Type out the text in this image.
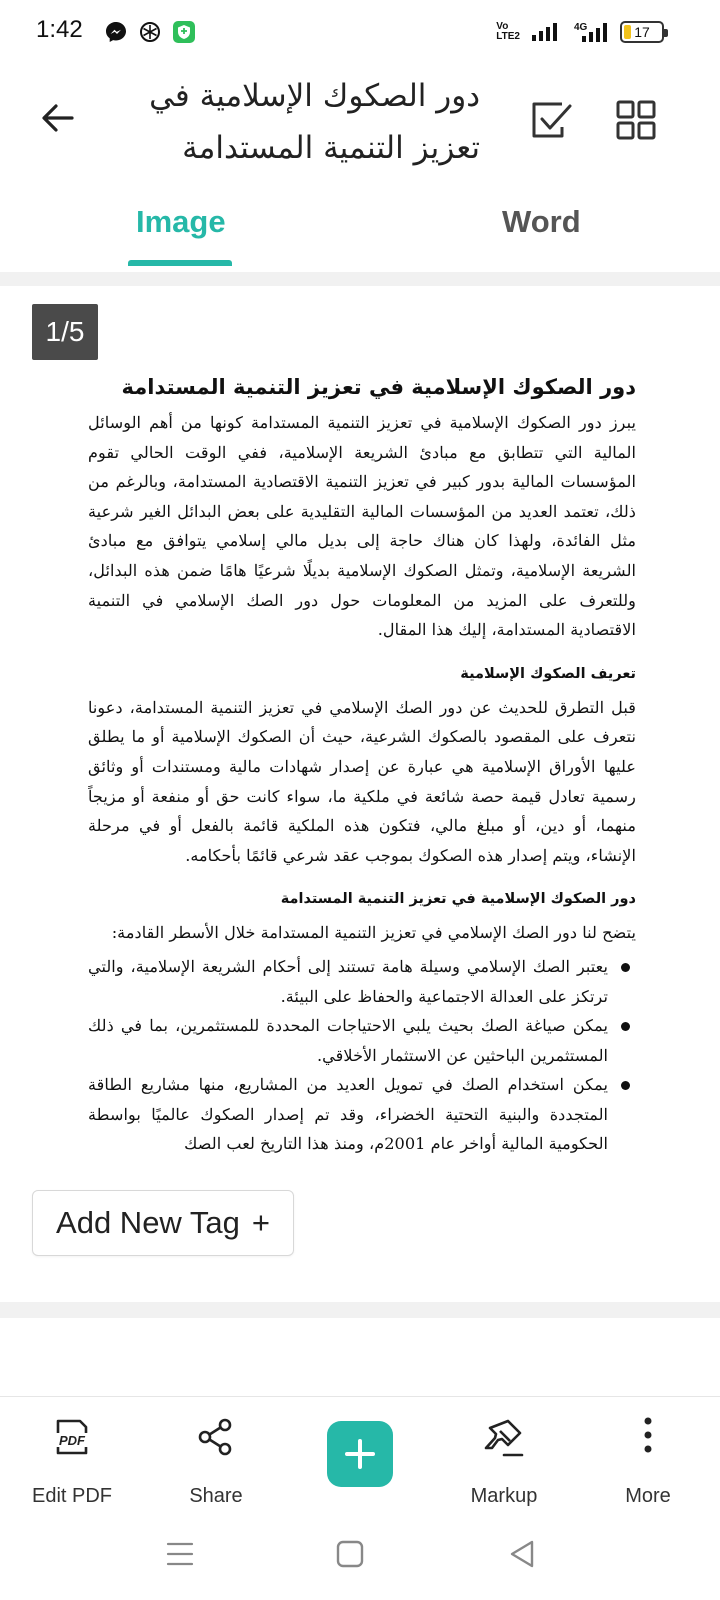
1:42	Vo
LTE2
4G	17
دور الصكوك الإسلامية في تعزيز التنمية المستدامة
Image	Word
1/5
دور الصكوك الإسلامية في تعزيز التنمية المستدامة

يبرز دور الصكوك الإسلامية في تعزيز التنمية المستدامة كونها من أهم الوسائل المالية التي تتطابق مع مبادئ الشريعة الإسلامية، ففي الوقت الحالي تقوم المؤسسات المالية بدور كبير في تعزيز التنمية الاقتصادية المستدامة، وبالرغم من ذلك، تعتمد العديد من المؤسسات المالية التقليدية على بعض البدائل الغير شرعية مثل الفائدة، ولهذا كان هناك حاجة إلى بديل مالي إسلامي يتوافق مع مبادئ الشريعة الإسلامية، وتمثل الصكوك الإسلامية بديلًا شرعيًا هامًا ضمن هذه البدائل، وللتعرف على المزيد من المعلومات حول دور الصك الإسلامي في التنمية الاقتصادية المستدامة، إليك هذا المقال.

تعريف الصكوك الإسلامية

قبل التطرق للحديث عن دور الصك الإسلامي في تعزيز التنمية المستدامة، دعونا نتعرف على المقصود بالصكوك الشرعية، حيث أن الصكوك الإسلامية أو ما يطلق عليها الأوراق الإسلامية هي عبارة عن إصدار شهادات مالية ومستندات أو وثائق رسمية تعادل قيمة حصة شائعة في ملكية ما، سواء كانت حق أو منفعة أو مزيجاً منهما، أو دين، أو مبلغ مالي، فتكون هذه الملكية قائمة بالفعل أو في مرحلة الإنشاء، ويتم إصدار هذه الصكوك بموجب عقد شرعي قائمًا بأحكامه.

دور الصكوك الإسلامية في تعزيز التنمية المستدامة

يتضح لنا دور الصك الإسلامي في تعزيز التنمية المستدامة خلال الأسطر القادمة:

يعتبر الصك الإسلامي وسيلة هامة تستند إلى أحكام الشريعة الإسلامية، والتي ترتكز على العدالة الاجتماعية والحفاظ على البيئة.
يمكن صياغة الصك بحيث يلبي الاحتياجات المحددة للمستثمرين، بما في ذلك المستثمرين الباحثين عن الاستثمار الأخلاقي.
يمكن استخدام الصك في تمويل العديد من المشاريع، منها مشاريع الطاقة المتجددة والبنية التحتية الخضراء، وقد تم إصدار الصكوك عالميًا بواسطة الحكومية المالية أواخر عام 2001م، ومنذ هذا التاريخ لعب الصك
Add New Tag +
PDF
Edit PDF	Share	Markup	More
